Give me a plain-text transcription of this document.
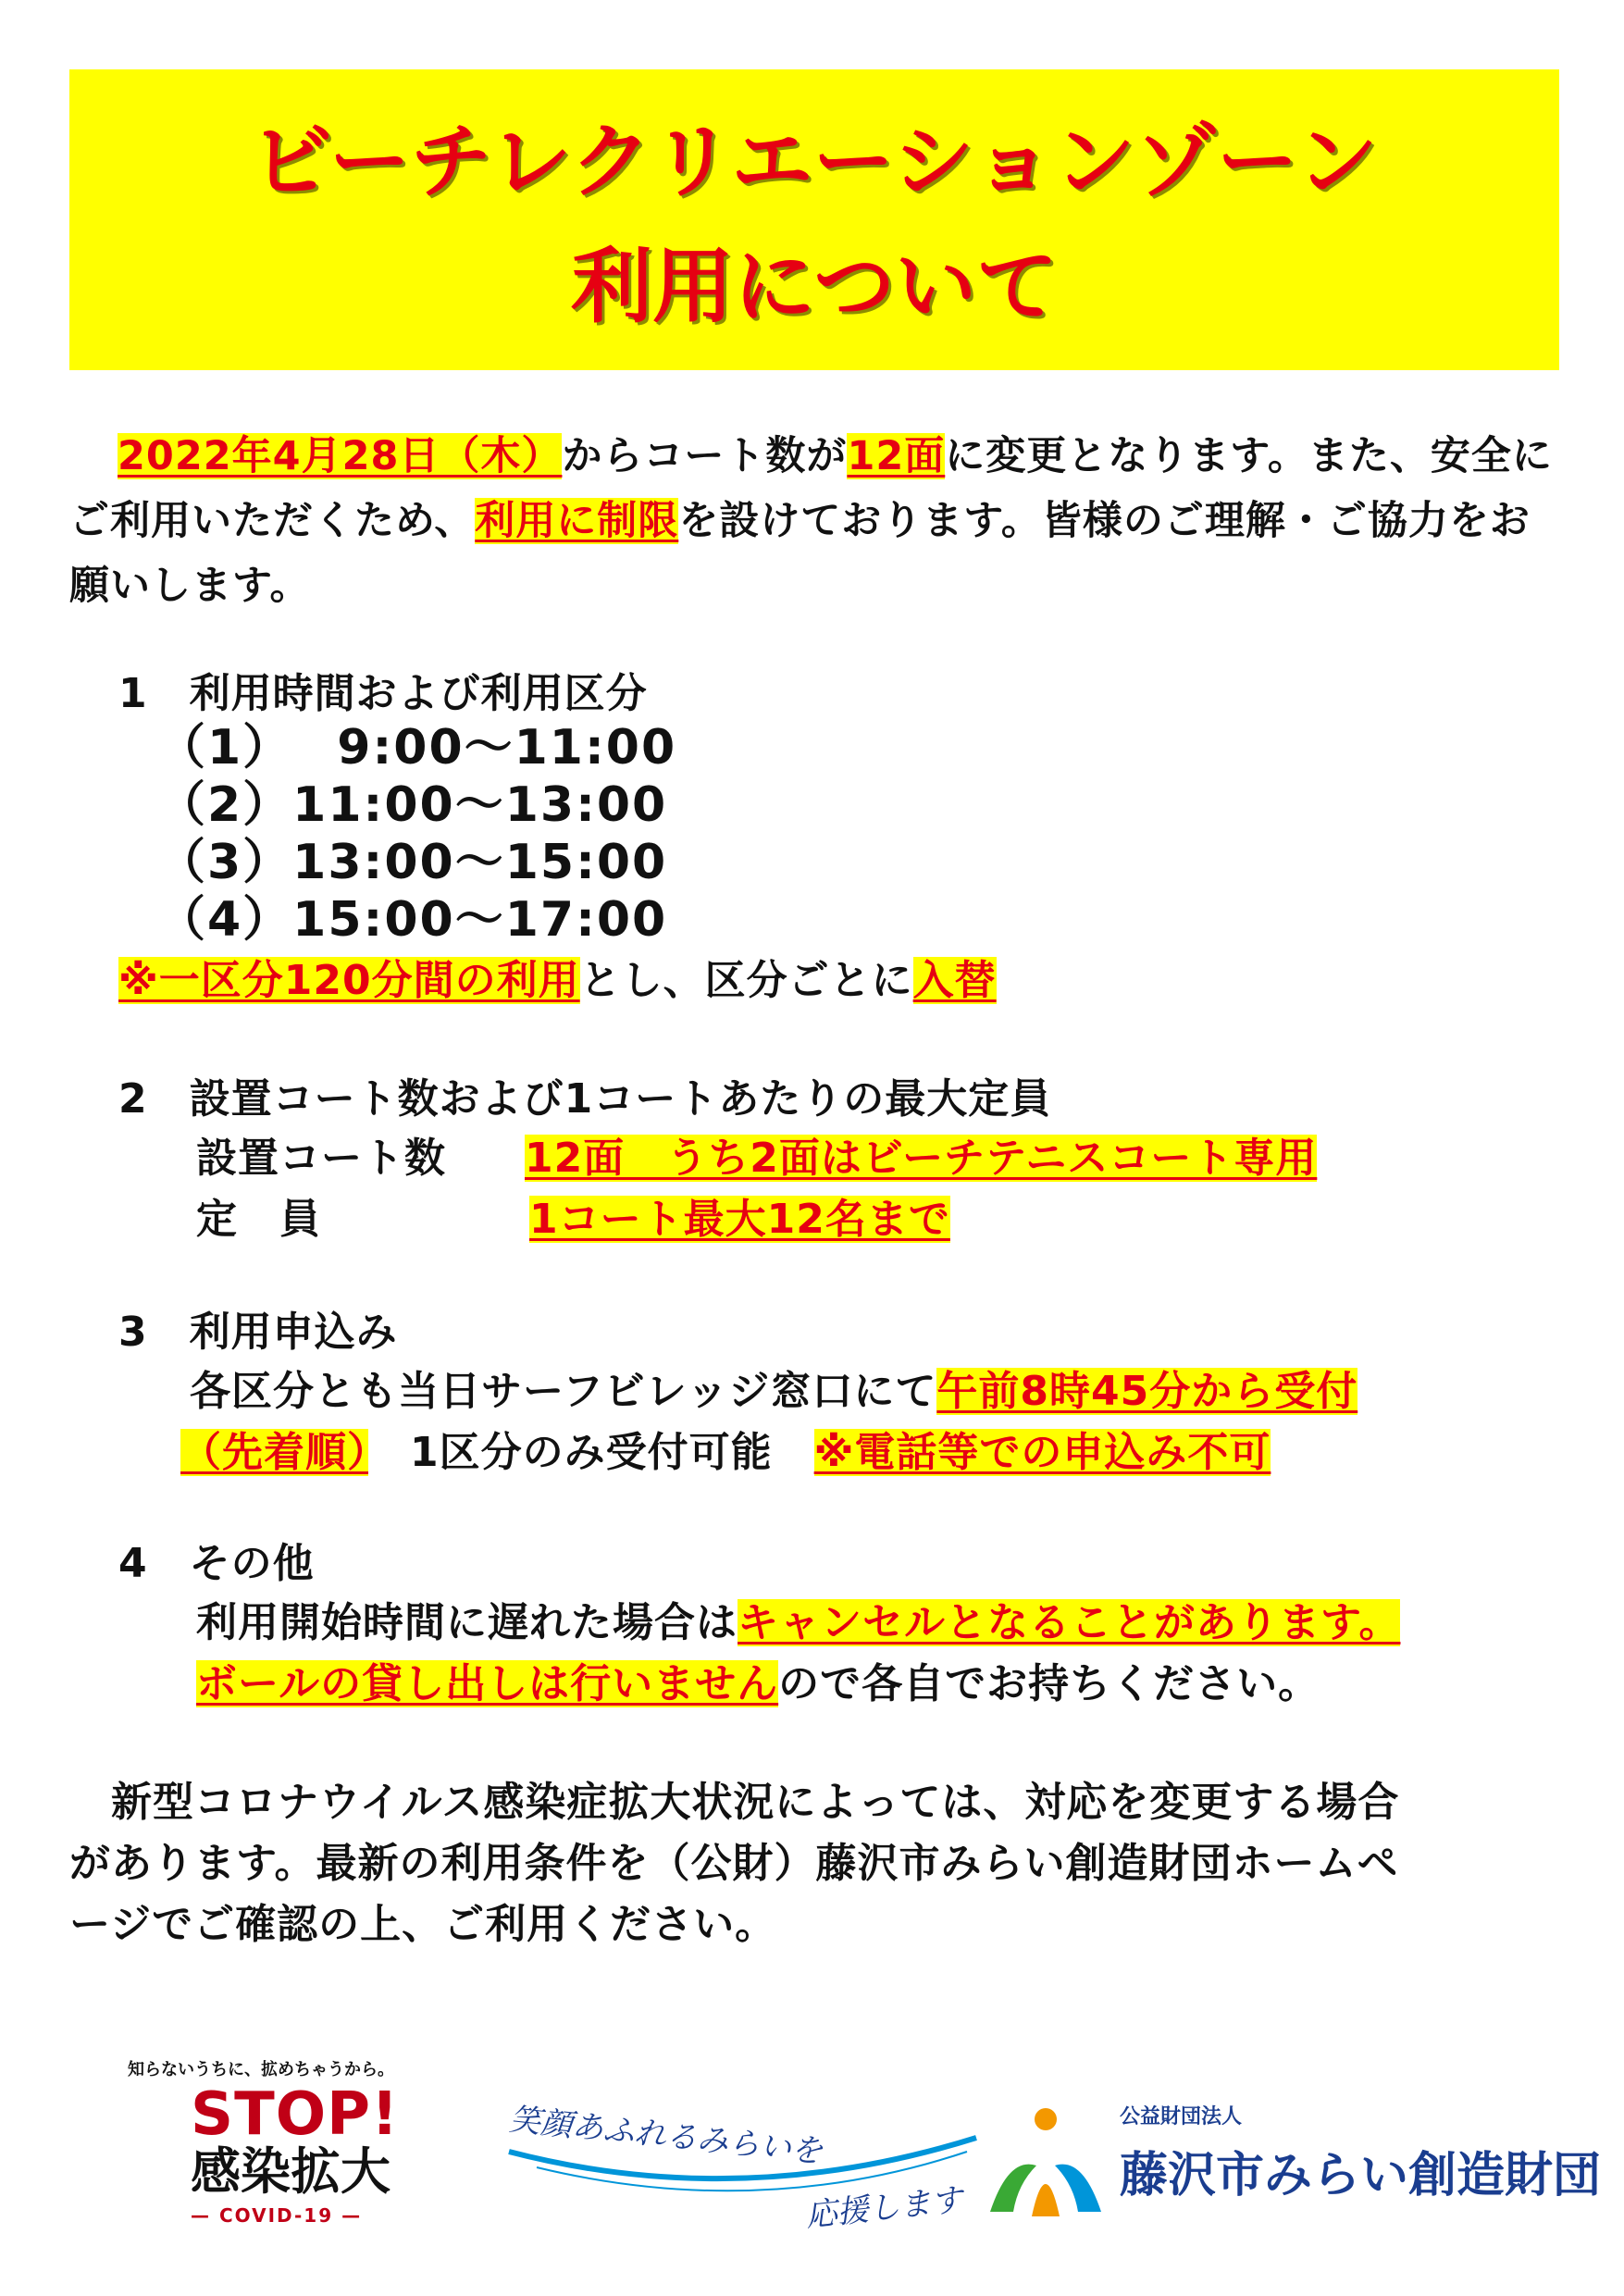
ビーチレクリエーションゾーン
利用について
2022年4月28日（木）からコート数が12面に変更となります。また、安全にご利用いただくため、利用に制限を設けております。皆様のご理解・ご協力をお願いします。
1　利用時間および利用区分
（1）　 9:00～11:00
（2）11:00～13:00
（3）13:00～15:00
（4）15:00～17:00
※一区分120分間の利用とし、区分ごとに入替
2　設置コート数および1コートあたりの最大定員
設置コート数 12面　うち2面はビーチテニスコート専用
定　員	1コート最大12名まで
3　利用申込み
各区分とも当日サーフビレッジ窓口にて午前8時45分から受付
（先着順）　1区分のみ受付可能　※電話等での申込み不可
4　その他
利用開始時間に遅れた場合はキャンセルとなることがあります。
ボールの貸し出しは行いませんので各自でお持ちください。
　新型コロナウイルス感染症拡大状況によっては、対応を変更する場合
があります。最新の利用条件を（公財）藤沢市みらい創造財団ホームペ
ージでご確認の上、ご利用ください。
知らないうちに、拡めちゃうから。
STOP!
感染拡大
— COVID-19 —
笑顔あふれるみらいを
応援します
公益財団法人
藤沢市みらい創造財団
